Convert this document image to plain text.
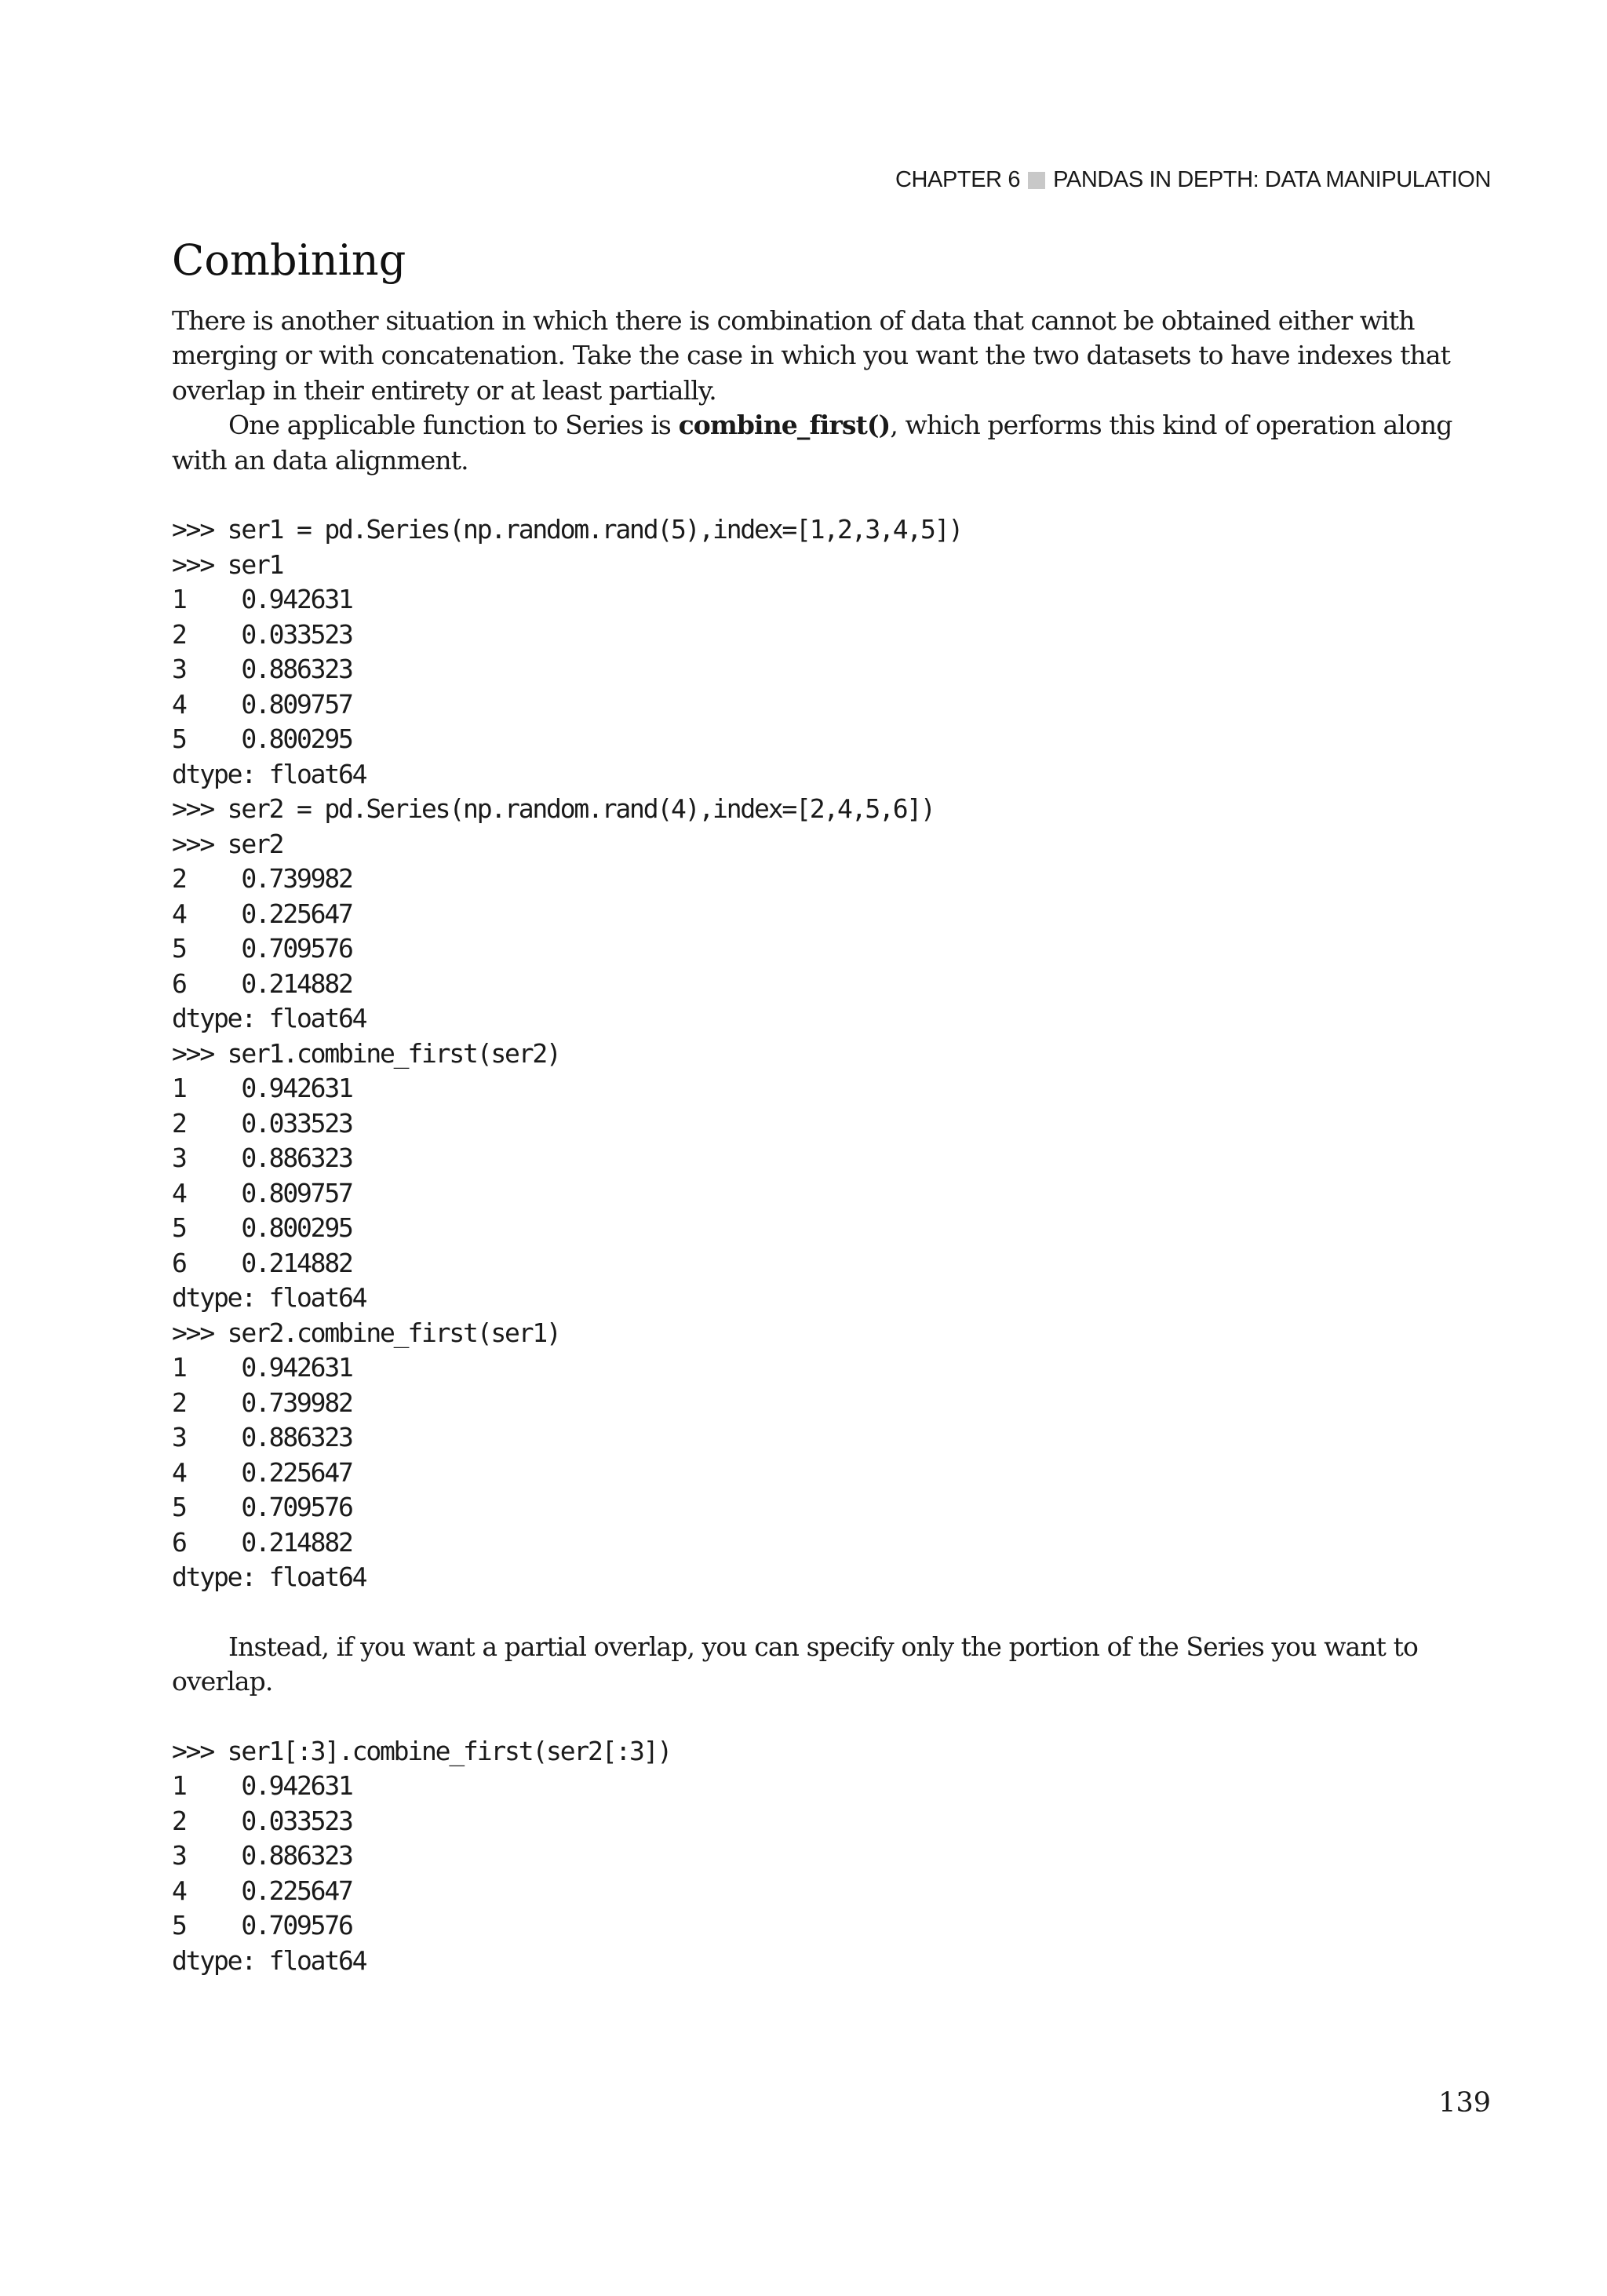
CHAPTER 6 PANDAS IN DEPTH: DATA MANIPULATION
Combining

There is another situation in which there is combination of data that cannot be obtained either with merging or with concatenation. Take the case in which you want the two datasets to have indexes that overlap in their entirety or at least partially.

One applicable function to Series is combine_first(), which performs this kind of operation along with an data alignment.

>>> ser1 = pd.Series(np.random.rand(5),index=[1,2,3,4,5])
>>> ser1
1    0.942631
2    0.033523
3    0.886323
4    0.809757
5    0.800295
dtype: float64
>>> ser2 = pd.Series(np.random.rand(4),index=[2,4,5,6])
>>> ser2
2    0.739982
4    0.225647
5    0.709576
6    0.214882
dtype: float64
>>> ser1.combine_first(ser2)
1    0.942631
2    0.033523
3    0.886323
4    0.809757
5    0.800295
6    0.214882
dtype: float64
>>> ser2.combine_first(ser1)
1    0.942631
2    0.739982
3    0.886323
4    0.225647
5    0.709576
6    0.214882
dtype: float64

Instead, if you want a partial overlap, you can specify only the portion of the Series you want to overlap.

>>> ser1[:3].combine_first(ser2[:3])
1    0.942631
2    0.033523
3    0.886323
4    0.225647
5    0.709576
dtype: float64
139
